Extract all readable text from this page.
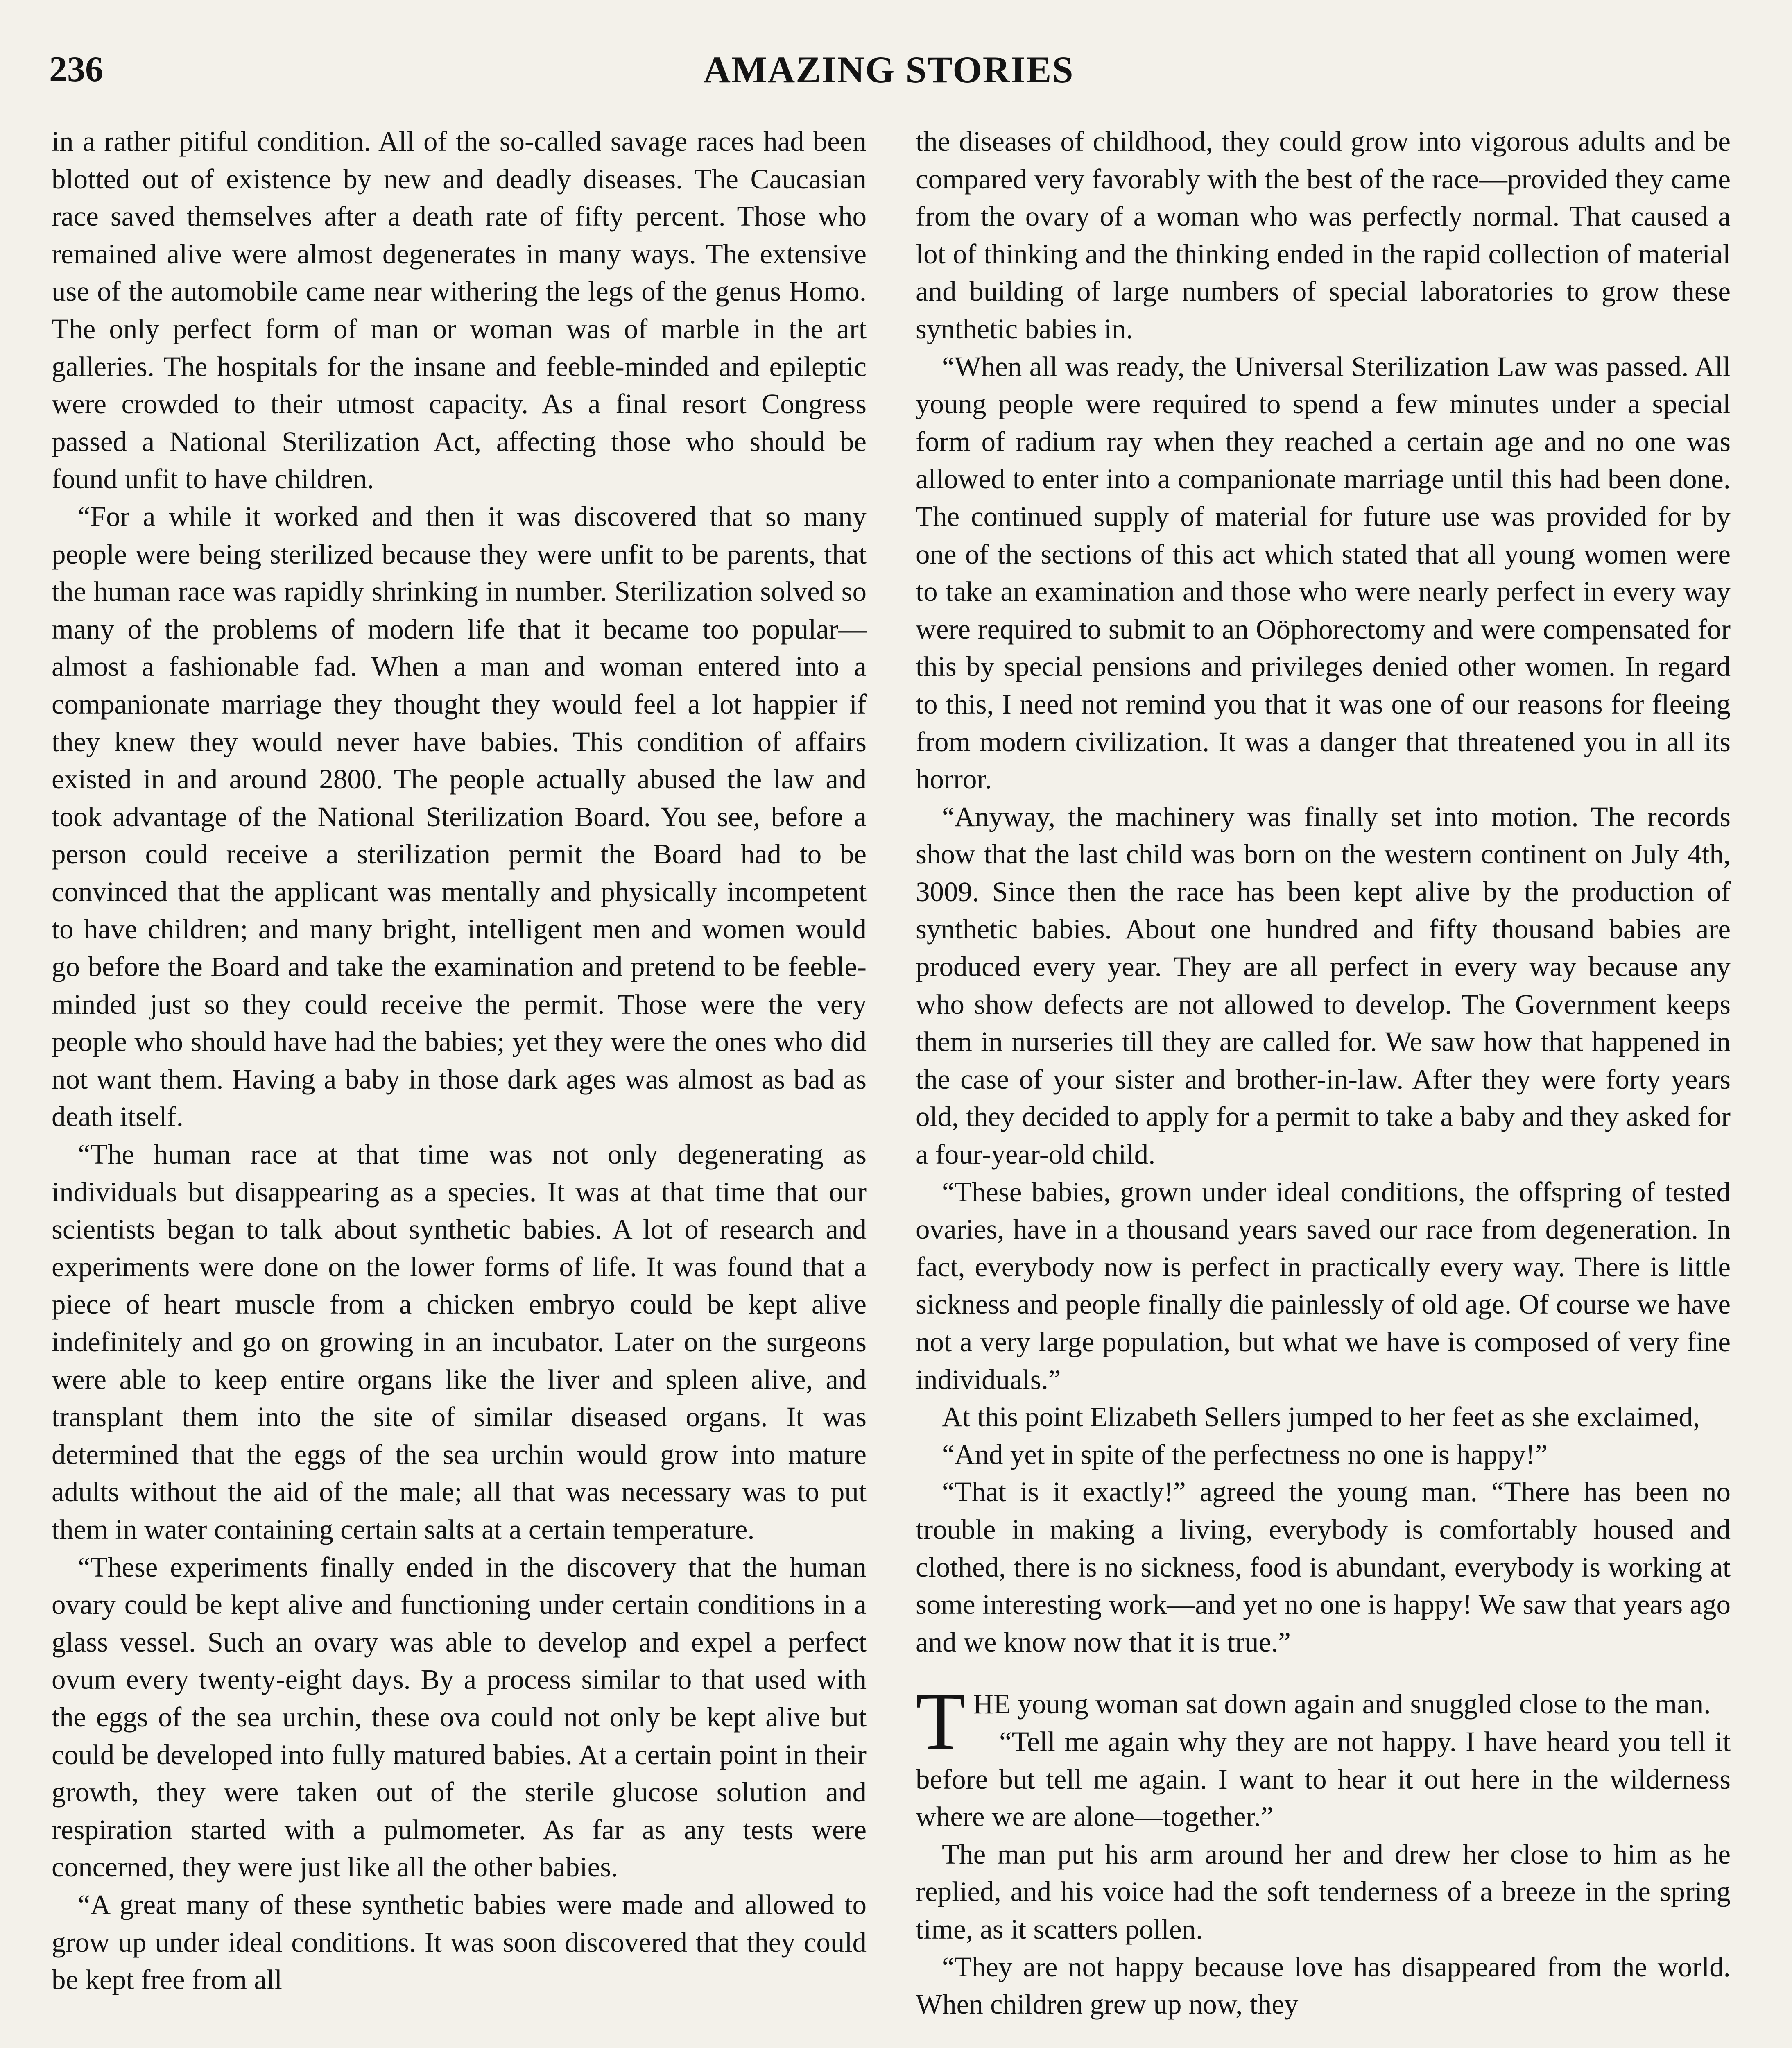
236	AMAZING STORIES

in a rather pitiful condition. All of the so-called savage races had been blotted out of existence by new and deadly diseases. The Caucasian race saved themselves after a death rate of fifty percent. Those who remained alive were almost degenerates in many ways. The extensive use of the automobile came near withering the legs of the genus Homo. The only perfect form of man or woman was of marble in the art galleries. The hospitals for the insane and feeble-minded and epileptic were crowded to their utmost capacity. As a final resort Congress passed a National Sterilization Act, affecting those who should be found unfit to have children.

“For a while it worked and then it was discovered that so many people were being sterilized because they were unfit to be parents, that the human race was rapidly shrinking in number. Sterilization solved so many of the problems of modern life that it became too popular—almost a fashionable fad. When a man and woman entered into a companionate marriage they thought they would feel a lot happier if they knew they would never have babies. This condition of affairs existed in and around 2800. The people actually abused the law and took advantage of the National Sterilization Board. You see, before a person could receive a sterilization permit the Board had to be convinced that the applicant was mentally and physically incompetent to have children; and many bright, intelligent men and women would go before the Board and take the examination and pretend to be feeble-minded just so they could receive the permit. Those were the very people who should have had the babies; yet they were the ones who did not want them. Having a baby in those dark ages was almost as bad as death itself.

“The human race at that time was not only degenerating as individuals but disappearing as a species. It was at that time that our scientists began to talk about synthetic babies. A lot of research and experiments were done on the lower forms of life. It was found that a piece of heart muscle from a chicken embryo could be kept alive indefinitely and go on growing in an incubator. Later on the surgeons were able to keep entire organs like the liver and spleen alive, and transplant them into the site of similar diseased organs. It was determined that the eggs of the sea urchin would grow into mature adults without the aid of the male; all that was necessary was to put them in water containing certain salts at a certain temperature.

“These experiments finally ended in the discovery that the human ovary could be kept alive and functioning under certain conditions in a glass vessel. Such an ovary was able to develop and expel a perfect ovum every twenty-eight days. By a process similar to that used with the eggs of the sea urchin, these ova could not only be kept alive but could be developed into fully matured babies. At a certain point in their growth, they were taken out of the sterile glucose solution and respiration started with a pulmometer. As far as any tests were concerned, they were just like all the other babies.

“A great many of these synthetic babies were made and allowed to grow up under ideal conditions. It was soon discovered that they could be kept free from all

the diseases of childhood, they could grow into vigorous adults and be compared very favorably with the best of the race—provided they came from the ovary of a woman who was perfectly normal. That caused a lot of thinking and the thinking ended in the rapid collection of material and building of large numbers of special laboratories to grow these synthetic babies in.

“When all was ready, the Universal Sterilization Law was passed. All young people were required to spend a few minutes under a special form of radium ray when they reached a certain age and no one was allowed to enter into a companionate marriage until this had been done. The continued supply of material for future use was provided for by one of the sections of this act which stated that all young women were to take an examination and those who were nearly perfect in every way were required to submit to an Oöphorectomy and were compensated for this by special pensions and privileges denied other women. In regard to this, I need not remind you that it was one of our reasons for fleeing from modern civilization. It was a danger that threatened you in all its horror.

“Anyway, the machinery was finally set into motion. The records show that the last child was born on the western continent on July 4th, 3009. Since then the race has been kept alive by the production of synthetic babies. About one hundred and fifty thousand babies are produced every year. They are all perfect in every way because any who show defects are not allowed to develop. The Government keeps them in nurseries till they are called for. We saw how that happened in the case of your sister and brother-in-law. After they were forty years old, they decided to apply for a permit to take a baby and they asked for a four-year-old child.

“These babies, grown under ideal conditions, the offspring of tested ovaries, have in a thousand years saved our race from degeneration. In fact, everybody now is perfect in practically every way. There is little sickness and people finally die painlessly of old age. Of course we have not a very large population, but what we have is composed of very fine individuals.”

At this point Elizabeth Sellers jumped to her feet as she exclaimed,

“And yet in spite of the perfectness no one is happy!”

“That is it exactly!” agreed the young man. “There has been no trouble in making a living, everybody is comfortably housed and clothed, there is no sickness, food is abundant, everybody is working at some interesting work—and yet no one is happy! We saw that years ago and we know now that it is true.”

THE young woman sat down again and snuggled close to the man.

“Tell me again why they are not happy. I have heard you tell it before but tell me again. I want to hear it out here in the wilderness where we are alone—together.”

The man put his arm around her and drew her close to him as he replied, and his voice had the soft tenderness of a breeze in the spring time, as it scatters pollen.

“They are not happy because love has disappeared from the world. When children grew up now, they
